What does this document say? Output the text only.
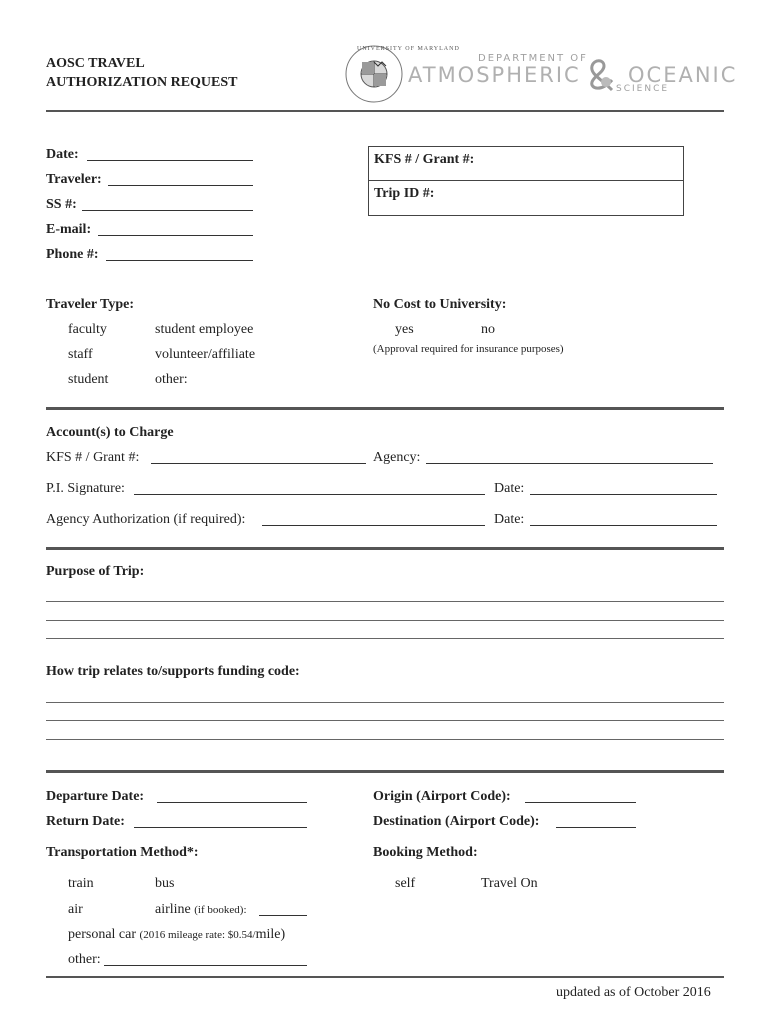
AOSC TRAVEL
AUTHORIZATION REQUEST
UNIVERSITY OF MARYLAND
DEPARTMENT OF
ATMOSPHERIC OCEANIC
SCIENCE
Date:
Traveler:
SS #:
E-mail:
Phone #:
KFS # / Grant #:
Trip ID #:
Traveler Type:
faculty	student employee
staff	volunteer/affiliate
student	other:
No Cost to University:
yes	no
(Approval required for insurance purposes)
Account(s) to Charge
KFS # / Grant #:	Agency:
P.I. Signature:	Date:
Agency Authorization (if required):	Date:
Purpose of Trip:
How trip relates to/supports funding code:
Departure Date:
Return Date:
Origin (Airport Code):
Destination (Airport Code):
Transportation Method*:	Booking Method:
train	bus
air	airline (if booked):
personal car (2016 mileage rate: $0.54/mile)
other:
self	Travel On
updated as of October 2016
